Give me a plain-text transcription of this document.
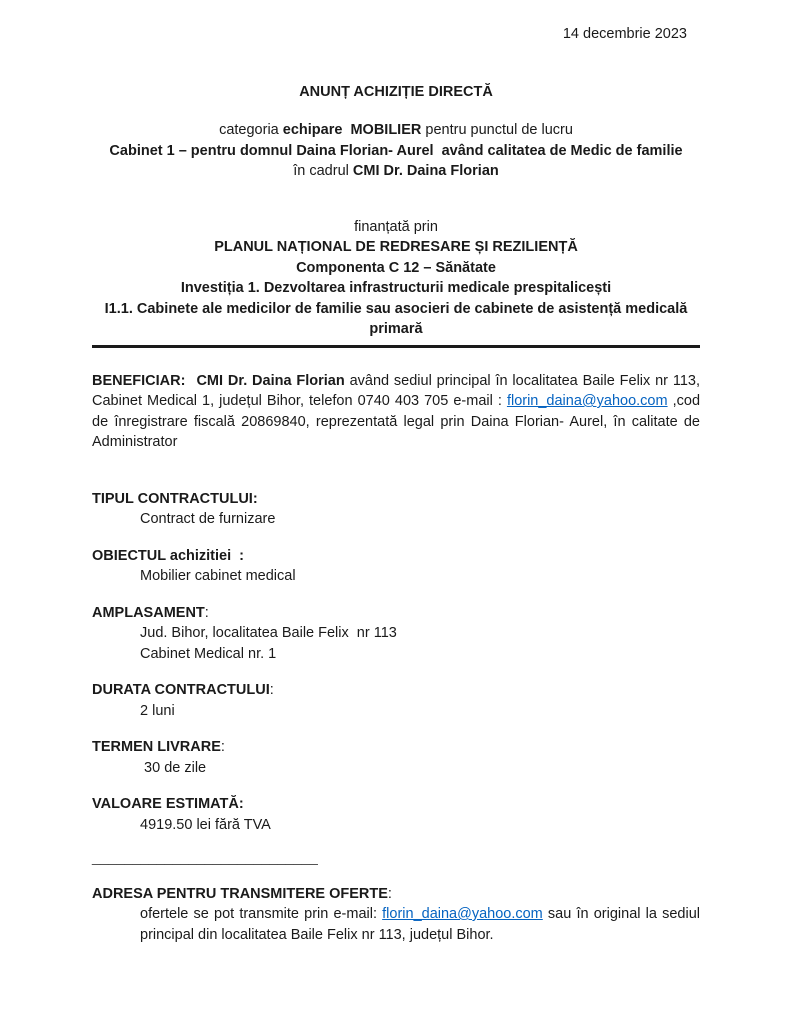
14 decembrie 2023
ANUNȚ ACHIZIȚIE DIRECTĂ
categoria echipare  MOBILIER pentru punctul de lucru
Cabinet 1 – pentru domnul Daina Florian- Aurel  având calitatea de Medic de familie
în cadrul CMI Dr. Daina Florian
finanțată prin
PLANUL NAȚIONAL DE REDRESARE ȘI REZILIENȚĂ
Componenta C 12 – Sănătate
Investiția 1. Dezvoltarea infrastructurii medicale prespitalicești
I1.1. Cabinete ale medicilor de familie sau asocieri de cabinete de asistență medicală primară

BENEFICIAR: CMI Dr. Daina Florian având sediul principal în localitatea Baile Felix nr 113, Cabinet Medical 1, județul Bihor, telefon 0740 403 705 e-mail : florin_daina@yahoo.com ,cod de înregistrare fiscală 20869840, reprezentată legal prin Daina Florian- Aurel, în calitate de Administrator

TIPUL CONTRACTULUI:
Contract de furnizare
OBIECTUL achizitiei  :
Mobilier cabinet medical
AMPLASAMENT:
Jud. Bihor, localitatea Baile Felix  nr 113
Cabinet Medical nr. 1
DURATA CONTRACTULUI:
2 luni
TERMEN LIVRARE:
30 de zile
VALOARE ESTIMATĂ:
4919.50 lei fără TVA
____________________________
ADRESA PENTRU TRANSMITERE OFERTE:

ofertele se pot transmite prin e-mail: florin_daina@yahoo.com sau în original la sediul principal din localitatea Baile Felix nr 113, județul Bihor.
